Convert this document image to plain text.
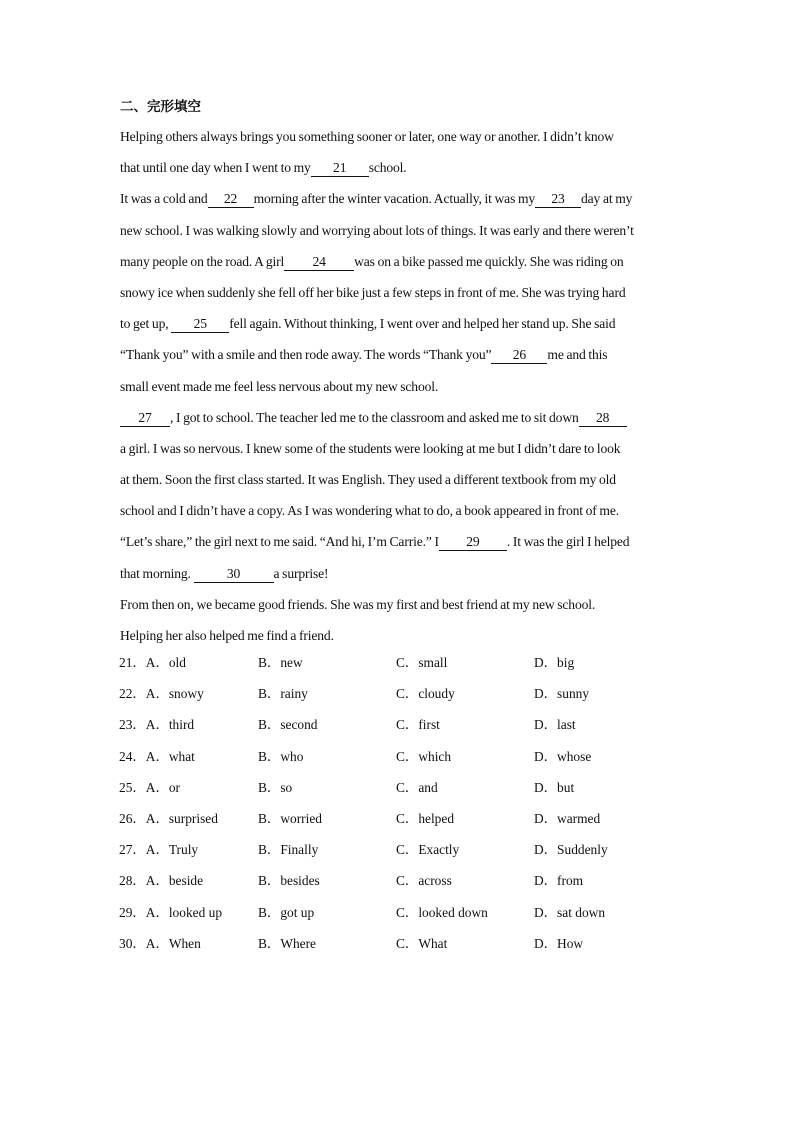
二、完形填空
Helping others always brings you something sooner or later, one way or another. I didn’t know
that until one day when I went to my 21 school.
It was a cold and 22 morning after the winter vacation. Actually, it was my 23 day at my
new school. I was walking slowly and worrying about lots of things. It was early and there weren’t
many people on the road. A girl 24 was on a bike passed me quickly. She was riding on
snowy ice when suddenly she fell off her bike just a few steps in front of me. She was trying hard
to get up, 25 fell again. Without thinking, I went over and helped her stand up. She said
“Thank you” with a smile and then rode away. The words “Thank you” 26 me and this
small event made me feel less nervous about my new school.
27 , I got to school. The teacher led me to the classroom and asked me to sit down 28
a girl. I was so nervous. I knew some of the students were looking at me but I didn’t dare to look
at them. Soon the first class started. It was English. They used a different textbook from my old
school and I didn’t have a copy. As I was wondering what to do, a book appeared in front of me.
“Let’s share,” the girl next to me said. “And hi, I’m Carrie.” I 29 . It was the girl I helped
that morning. 30 a surprise!
From then on, we became good friends. She was my first and best friend at my new school.
Helping her also helped me find a friend.
21．A．old	B．new	C．small	D．big
22．A．snowy	B．rainy	C．cloudy	D．sunny
23．A．third	B．second	C．first	D．last
24．A．what	B．who	C．which	D．whose
25．A．or	B．so	C．and	D．but
26．A．surprised	B．worried	C．helped	D．warmed
27．A．Truly	B．Finally	C．Exactly	D．Suddenly
28．A．beside	B．besides	C．across	D．from
29．A．looked up	B．got up	C．looked down	D．sat down
30．A．When	B．Where	C．What	D．How
